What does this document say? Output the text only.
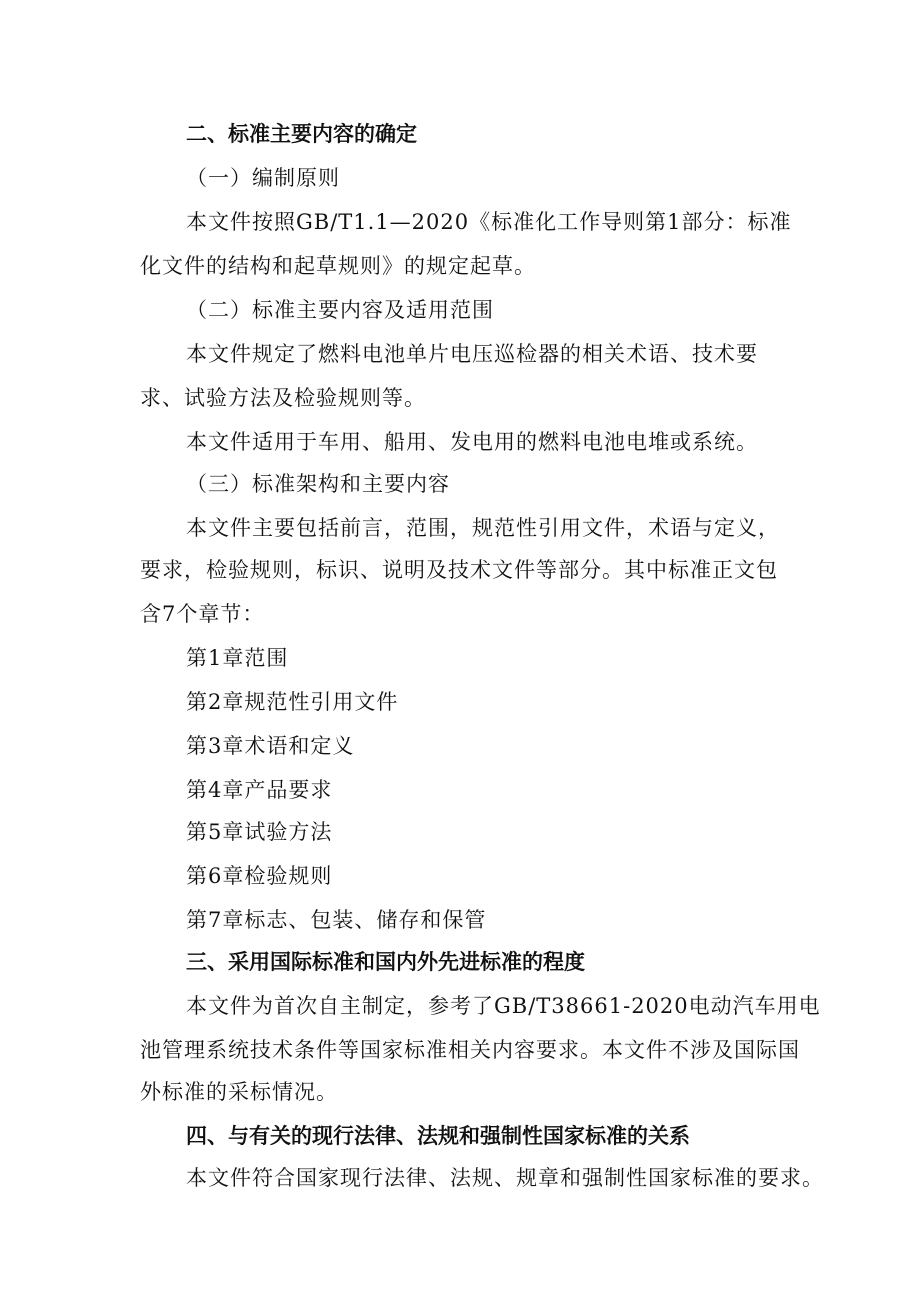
二、标准主要内容的确定
（一）编制原则
本文件按照GB/T1.1—2020《标准化工作导则第1部分：标准
化文件的结构和起草规则》的规定起草。
（二）标准主要内容及适用范围
本文件规定了燃料电池单片电压巡检器的相关术语、技术要
求、试验方法及检验规则等。
本文件适用于车用、船用、发电用的燃料电池电堆或系统。
（三）标准架构和主要内容
本文件主要包括前言，范围，规范性引用文件，术语与定义，
要求，检验规则，标识、说明及技术文件等部分。其中标准正文包
含7个章节：
第1章范围
第2章规范性引用文件
第3章术语和定义
第4章产品要求
第5章试验方法
第6章检验规则
第7章标志、包装、储存和保管
三、采用国际标准和国内外先进标准的程度
本文件为首次自主制定，参考了GB/T38661-2020电动汽车用电
池管理系统技术条件等国家标准相关内容要求。本文件不涉及国际国
外标准的采标情况。
四、与有关的现行法律、法规和强制性国家标准的关系
本文件符合国家现行法律、法规、规章和强制性国家标准的要求。
